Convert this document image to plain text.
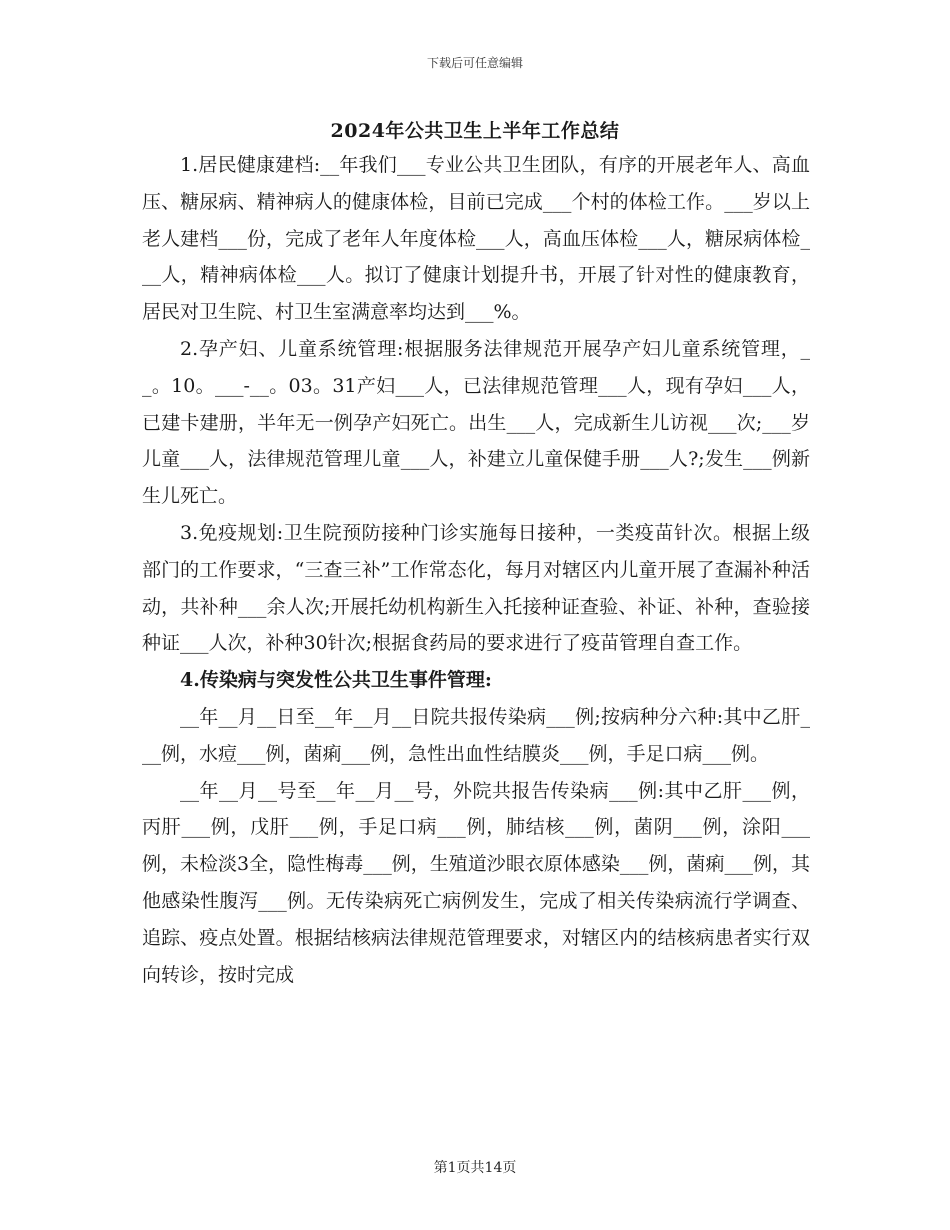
下载后可任意编辑
2024年公共卫生上半年工作总结

1.居民健康建档:__年我们___专业公共卫生团队，有序的开展老年人、高血压、糖尿病、精神病人的健康体检，目前已完成___个村的体检工作。___岁以上老人建档___份，完成了老年人年度体检___人，高血压体检___人，糖尿病体检___人，精神病体检___人。拟订了健康计划提升书，开展了针对性的健康教育，居民对卫生院、村卫生室满意率均达到___%。

2.孕产妇、儿童系统管理:根据服务法律规范开展孕产妇儿童系统管理，__。10。___-__。03。31产妇___人，已法律规范管理___人，现有孕妇___人，已建卡建册，半年无一例孕产妇死亡。出生___人，完成新生儿访视___次;___岁儿童___人，法律规范管理儿童___人，补建立儿童保健手册___人?;发生___例新生儿死亡。

3.免疫规划:卫生院预防接种门诊实施每日接种，一类疫苗针次。根据上级部门的工作要求，“三查三补”工作常态化，每月对辖区内儿童开展了查漏补种活动，共补种___余人次;开展托幼机构新生入托接种证查验、补证、补种，查验接种证___人次，补种30针次;根据食药局的要求进行了疫苗管理自查工作。

4.传染病与突发性公共卫生事件管理:

__年__月__日至__年__月__日院共报传染病___例;按病种分六种:其中乙肝___例，水痘___例，菌痢___例，急性出血性结膜炎___例，手足口病___例。

__年__月__号至__年__月__号，外院共报告传染病___例:其中乙肝___例，丙肝___例，戊肝___例，手足口病___例，肺结核___例，菌阴___例，涂阳___例，未检淡3全，隐性梅毒___例，生殖道沙眼衣原体感染___例，菌痢___例，其他感染性腹泻___例。无传染病死亡病例发生，完成了相关传染病流行学调查、追踪、疫点处置。根据结核病法律规范管理要求，对辖区内的结核病患者实行双向转诊，按时完成

第1页共14页
